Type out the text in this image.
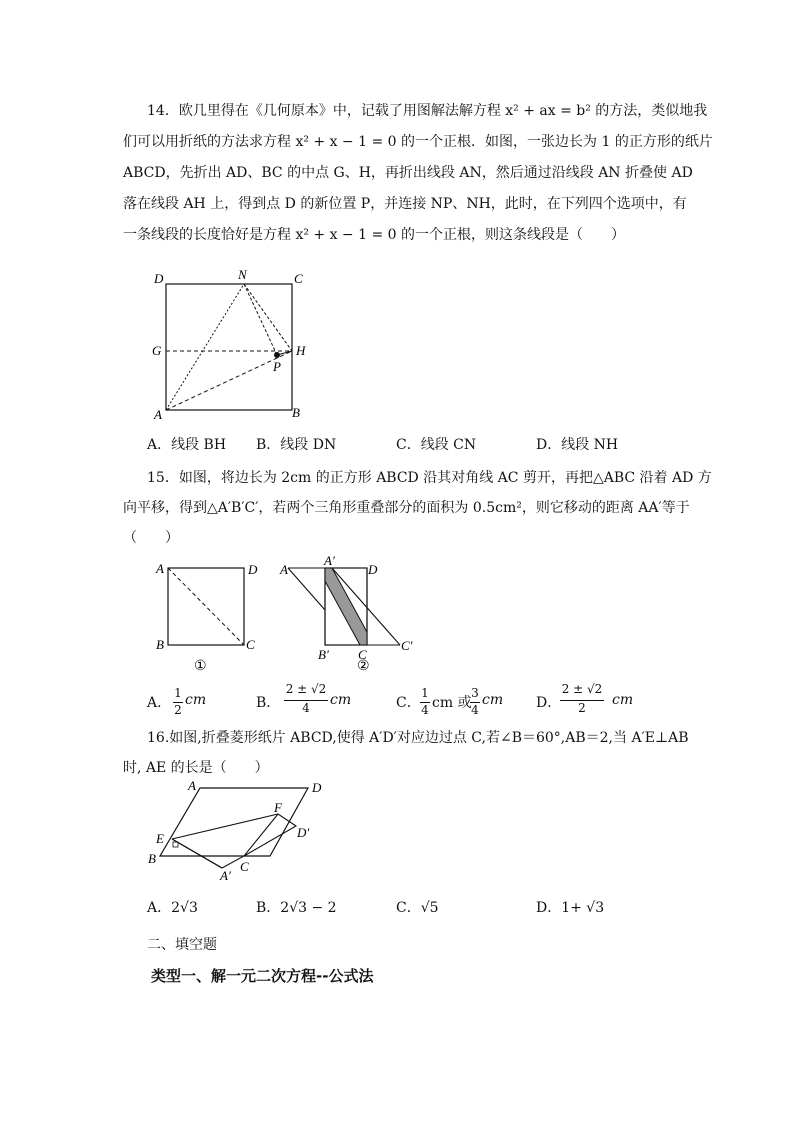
14．欧几里得在《几何原本》中，记载了用图解法解方程 x² + ax = b² 的方法，类似地我
们可以用折纸的方法求方程 x² + x − 1 = 0 的一个正根．如图，一张边长为 1 的正方形的纸片
ABCD，先折出 AD、BC 的中点 G、H，再折出线段 AN，然后通过沿线段 AN 折叠使 AD
落在线段 AH 上，得到点 D 的新位置 P，并连接 NP、NH，此时，在下列四个选项中，有
一条线段的长度恰好是方程 x² + x − 1 = 0 的一个正根，则这条线段是（　　）
D	N	C
G	H
P
A	B
A．线段 BH B．线段 DN	C．线段 CN	D．线段 NH
15．如图，将边长为 2cm 的正方形 ABCD 沿其对角线 AC 剪开，再把△ABC 沿着 AD 方
向平移，得到△A′B′C′，若两个三角形重叠部分的面积为 0.5cm²，则它移动的距离 AA′等于
（　　）
A	D
B	C
①
A
A′
D
B′ C
C′
②
A．
1
2
cm	B．
2 ± √2
4	cm	C．
1
4 cm 或
3
4
cm D．
2 ± √2
2	cm
16.如图,折叠菱形纸片 ABCD,使得 A′D′对应边过点 C,若∠B＝60°,AB＝2,当 A′E⊥AB
时, AE 的长是（　　）
A	D
F
D′
E
B
C
A′
A．2√3	B．2√3 − 2	C．√5	D．1+ √3
二、填空题
类型一、解一元二次方程--公式法
